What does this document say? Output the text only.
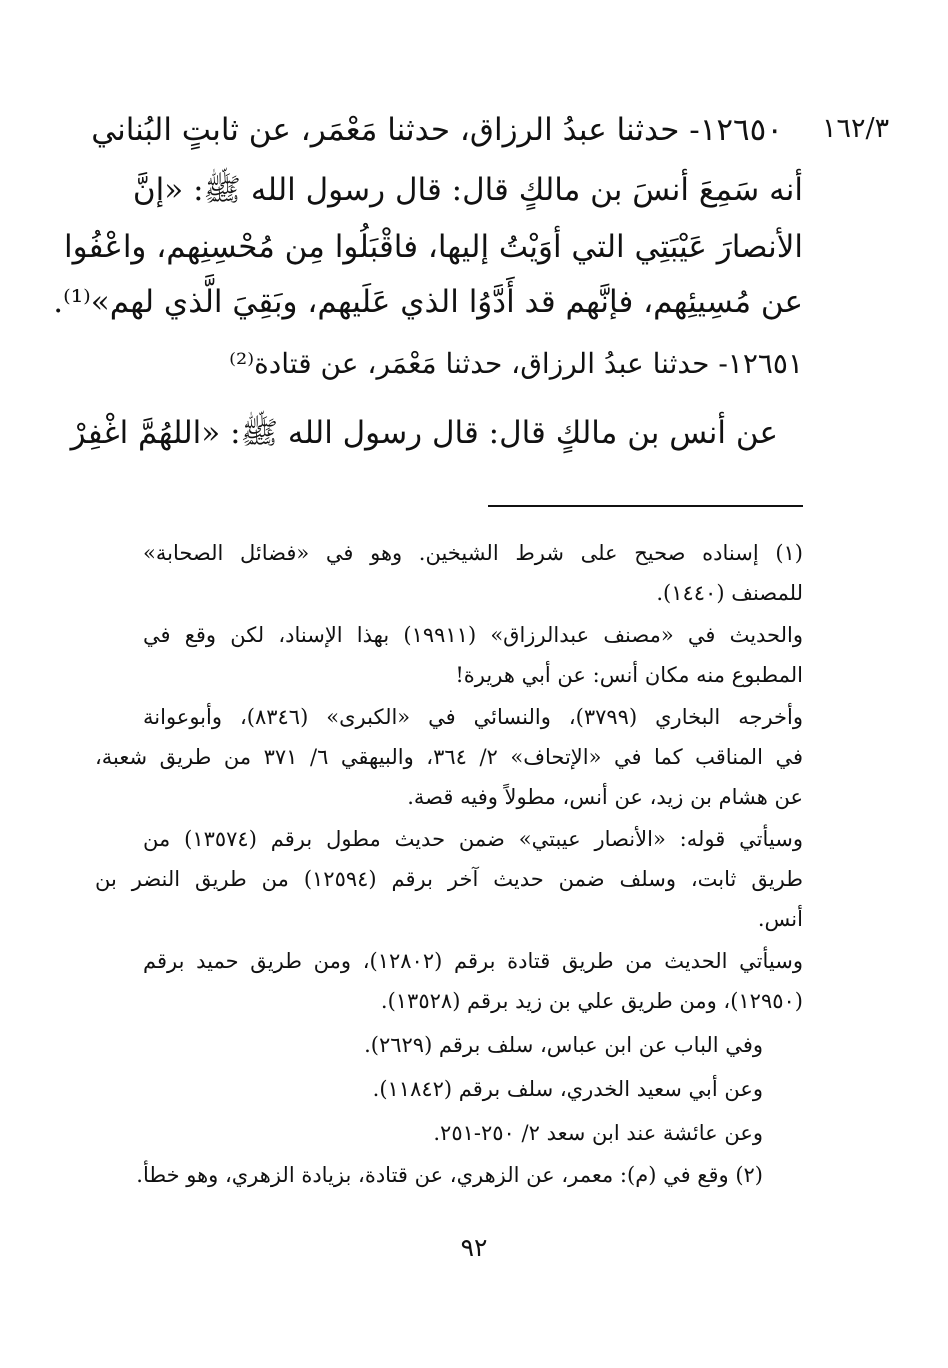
١٦٢/٣
١٢٦٥٠- حدثنا عبدُ الرزاق، حدثنا مَعْمَر، عن ثابتٍ البُناني
أنه سَمِعَ أنسَ بن مالكٍ قال: قال رسول الله ﷺ: «إنَّ
الأنصارَ عَيْبَتِي التي أوَيْتُ إليها، فاقْبَلُوا مِن مُحْسِنِهم، واعْفُوا
عن مُسِيئِهم، فإنَّهم قد أَدَّوُا الذي عَلَيهم، وبَقِيَ الَّذي لهم»⁽¹⁾.
١٢٦٥١- حدثنا عبدُ الرزاق، حدثنا مَعْمَر، عن قتادة⁽²⁾
عن أنس بن مالكٍ قال: قال رسول الله ﷺ: «اللهُمَّ اغْفِرْ
(١) إسناده صحيح على شرط الشيخين. وهو في «فضائل الصحابة»
للمصنف (١٤٤٠).
والحديث في «مصنف عبدالرزاق» (١٩٩١١) بهذا الإسناد، لكن وقع في
المطبوع منه مكان أنس: عن أبي هريرة!
وأخرجه البخاري (٣٧٩٩)، والنسائي في «الكبرى» (٨٣٤٦)، وأبوعوانة
في المناقب كما في «الإتحاف» ٢/ ٣٦٤، والبيهقي ٦/ ٣٧١ من طريق شعبة،
عن هشام بن زيد، عن أنس، مطولاً وفيه قصة.
وسيأتي قوله: «الأنصار عيبتي» ضمن حديث مطول برقم (١٣٥٧٤) من
طريق ثابت، وسلف ضمن حديث آخر برقم (١٢٥٩٤) من طريق النضر بن
أنس.
وسيأتي الحديث من طريق قتادة برقم (١٢٨٠٢)، ومن طريق حميد برقم
(١٢٩٥٠)، ومن طريق علي بن زيد برقم (١٣٥٢٨).
وفي الباب عن ابن عباس، سلف برقم (٢٦٢٩).
وعن أبي سعيد الخدري، سلف برقم (١١٨٤٢).
وعن عائشة عند ابن سعد ٢/ ٢٥٠-٢٥١.
(٢) وقع في (م): معمر، عن الزهري، عن قتادة، بزيادة الزهري، وهو خطأ.
٩٢
